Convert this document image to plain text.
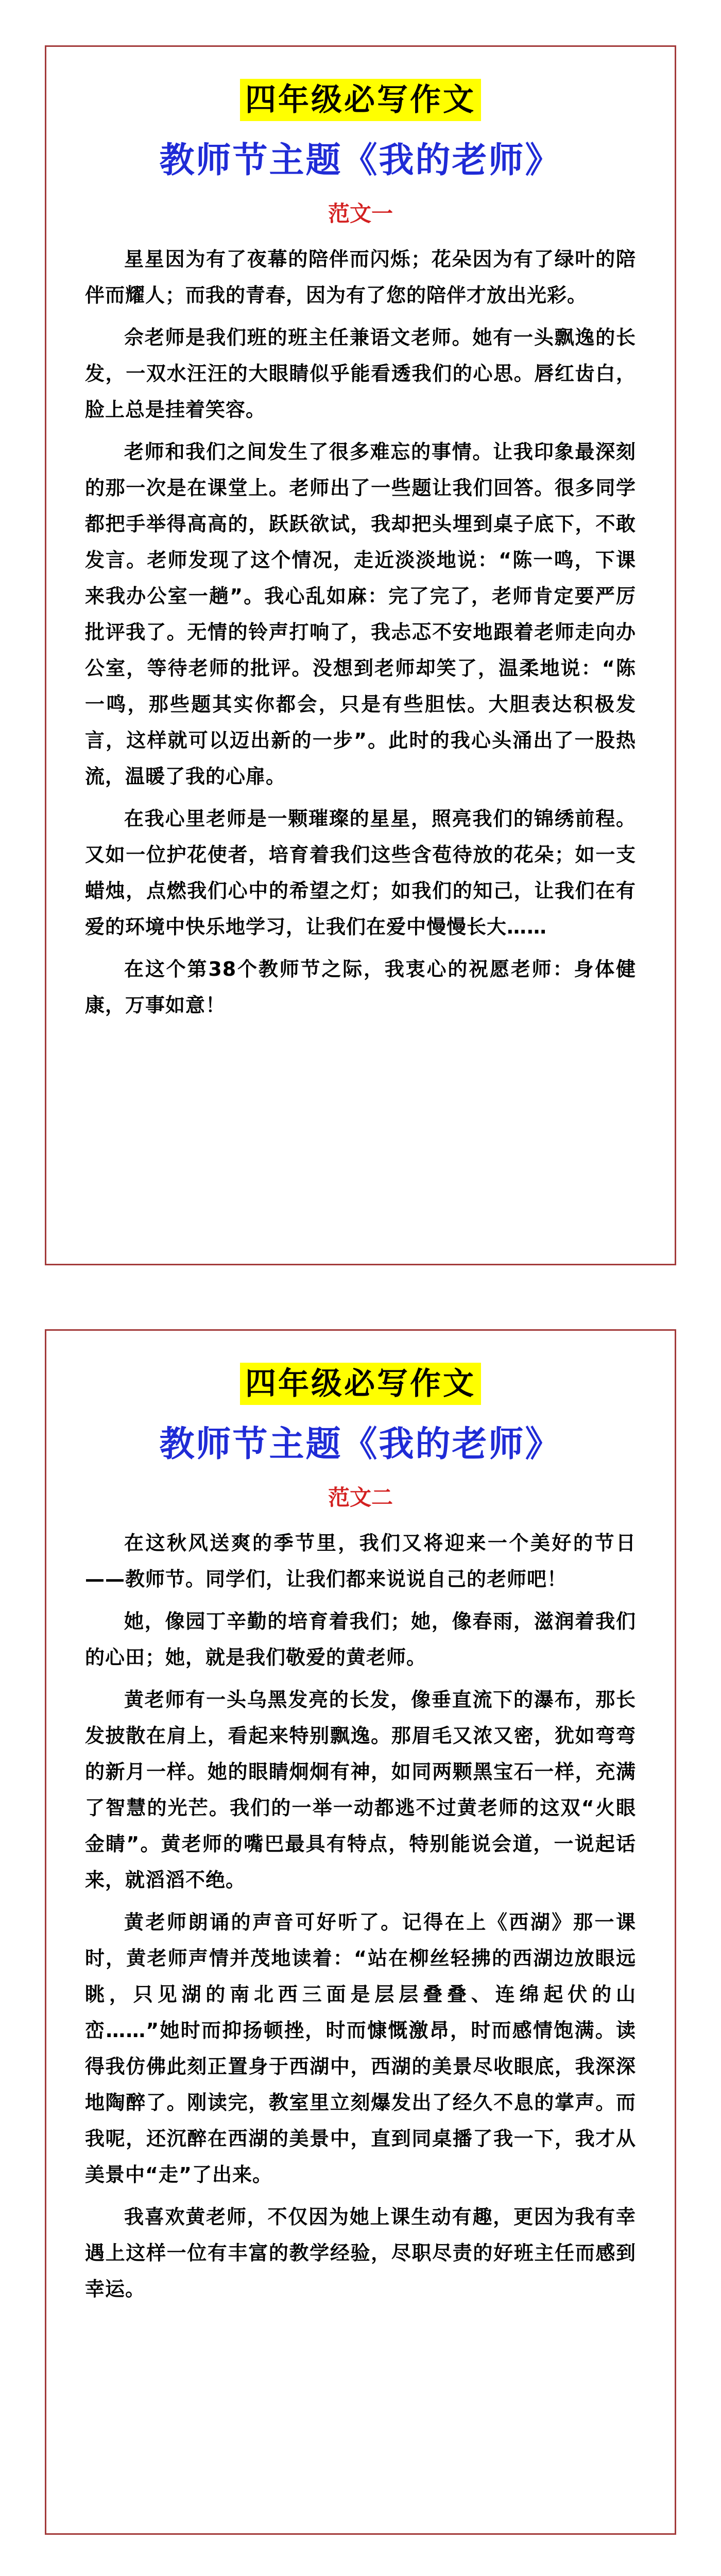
四年级必写作文
教师节主题《我的老师》
范文一

星星因为有了夜幕的陪伴而闪烁；花朵因为有了绿叶的陪伴而耀人；而我的青春，因为有了您的陪伴才放出光彩。

佘老师是我们班的班主任兼语文老师。她有一头飘逸的长发，一双水汪汪的大眼睛似乎能看透我们的心思。唇红齿白，脸上总是挂着笑容。

老师和我们之间发生了很多难忘的事情。让我印象最深刻的那一次是在课堂上。老师出了一些题让我们回答。很多同学都把手举得高高的，跃跃欲试，我却把头埋到桌子底下，不敢发言。老师发现了这个情况，走近淡淡地说：“陈一鸣，下课来我办公室一趟”。我心乱如麻：完了完了，老师肯定要严厉批评我了。无情的铃声打响了，我忐忑不安地跟着老师走向办公室，等待老师的批评。没想到老师却笑了，温柔地说：“陈一鸣，那些题其实你都会，只是有些胆怯。大胆表达积极发言，这样就可以迈出新的一步”。此时的我心头涌出了一股热流，温暖了我的心扉。

在我心里老师是一颗璀璨的星星，照亮我们的锦绣前程。又如一位护花使者，培育着我们这些含苞待放的花朵；如一支蜡烛，点燃我们心中的希望之灯；如我们的知己，让我们在有爱的环境中快乐地学习，让我们在爱中慢慢长大……

在这个第38个教师节之际，我衷心的祝愿老师：身体健康，万事如意！

四年级必写作文
教师节主题《我的老师》
范文二

在这秋风送爽的季节里，我们又将迎来一个美好的节日——教师节。同学们，让我们都来说说自己的老师吧！

她，像园丁辛勤的培育着我们；她，像春雨，滋润着我们的心田；她，就是我们敬爱的黄老师。

黄老师有一头乌黑发亮的长发，像垂直流下的瀑布，那长发披散在肩上，看起来特别飘逸。那眉毛又浓又密，犹如弯弯的新月一样。她的眼睛炯炯有神，如同两颗黑宝石一样，充满了智慧的光芒。我们的一举一动都逃不过黄老师的这双“火眼金睛”。黄老师的嘴巴最具有特点，特别能说会道，一说起话来，就滔滔不绝。

黄老师朗诵的声音可好听了。记得在上《西湖》那一课时，黄老师声情并茂地读着：“站在柳丝轻拂的西湖边放眼远眺，只见湖的南北西三面是层层叠叠、连绵起伏的山峦……”她时而抑扬顿挫，时而慷慨激昂，时而感情饱满。读得我仿佛此刻正置身于西湖中，西湖的美景尽收眼底，我深深地陶醉了。刚读完，教室里立刻爆发出了经久不息的掌声。而我呢，还沉醉在西湖的美景中，直到同桌播了我一下，我才从美景中“走”了出来。

我喜欢黄老师，不仅因为她上课生动有趣，更因为我有幸遇上这样一位有丰富的教学经验，尽职尽责的好班主任而感到幸运。
